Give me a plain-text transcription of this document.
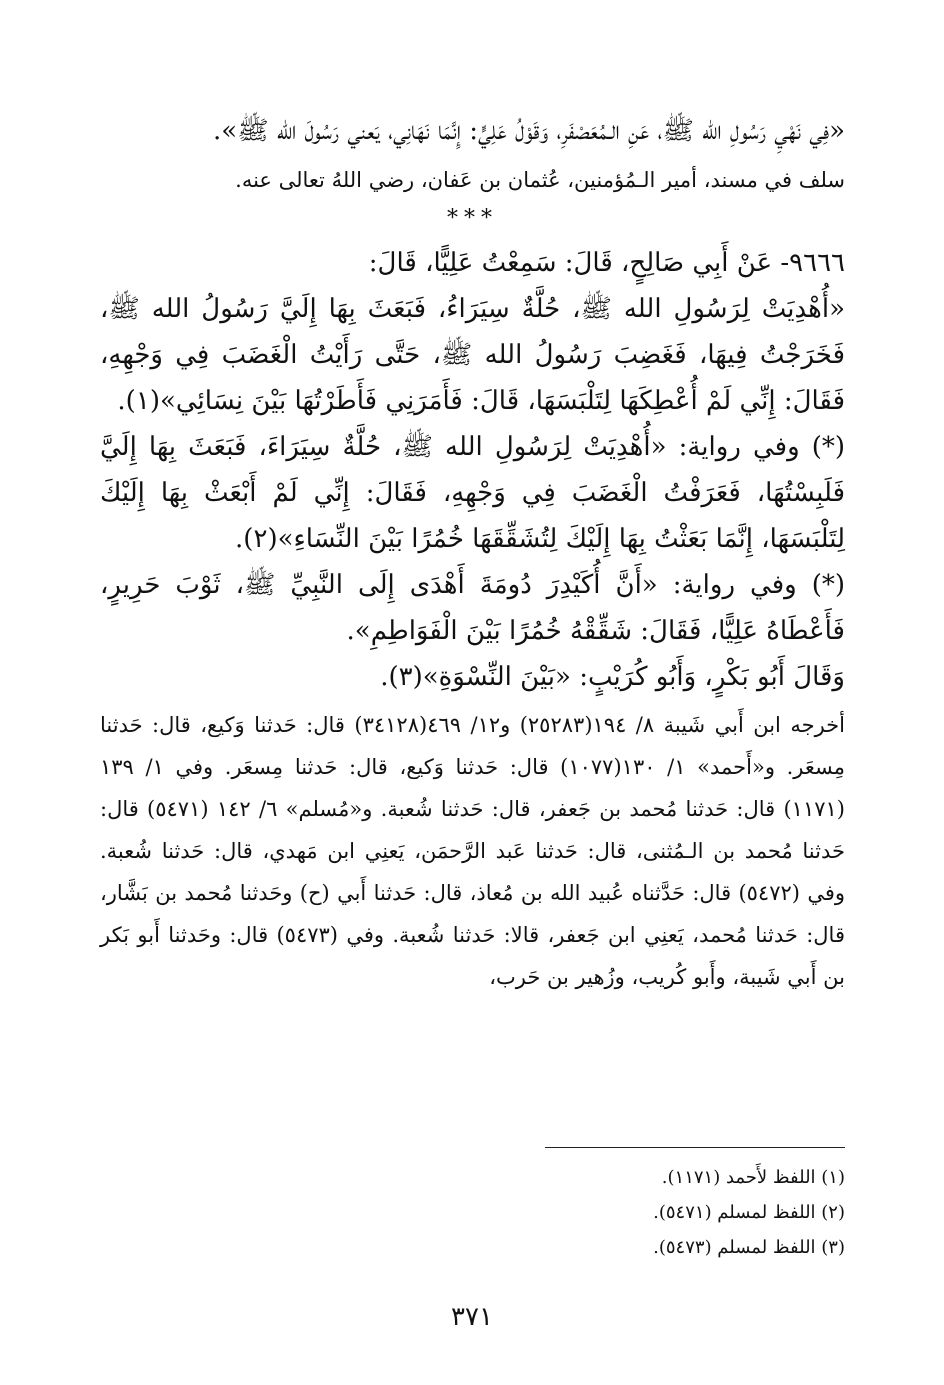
«فِي نَهْيِ رَسُولِ الله ﷺ، عَنِ الـمُعَصْفَرِ، وَقَوْلُ عَلِيٍّ: إِنَّمَا نَهَانِي، يَعني رَسُولَ الله ﷺ».

سلف في مسند، أمير الـمُؤمنين، عُثمان بن عَفان، رضي اللهُ تعالى عنه.

***

٩٦٦٦- عَنْ أَبِي صَالِحٍ، قَالَ: سَمِعْتُ عَلِيًّا، قَالَ:

«أُهْدِيَتْ لِرَسُولِ الله ﷺ، حُلَّةٌ سِيَرَاءُ، فَبَعَثَ بِهَا إِلَيَّ رَسُولُ الله ﷺ، فَخَرَجْتُ فِيهَا، فَغَضِبَ رَسُولُ الله ﷺ، حَتَّى رَأَيْتُ الْغَضَبَ فِي وَجْهِهِ، فَقَالَ: إِنِّي لَمْ أُعْطِكَهَا لِتَلْبَسَهَا، قَالَ: فَأَمَرَنِي فَأَطَرْتُهَا بَيْنَ نِسَائِي»(١).

(*) وفي رواية: «أُهْدِيَتْ لِرَسُولِ الله ﷺ، حُلَّةٌ سِيَرَاءَ، فَبَعَثَ بِهَا إِلَيَّ فَلَبِسْتُهَا، فَعَرَفْتُ الْغَضَبَ فِي وَجْهِهِ، فَقَالَ: إِنِّي لَمْ أَبْعَثْ بِهَا إِلَيْكَ لِتَلْبَسَهَا، إِنَّمَا بَعَثْتُ بِهَا إِلَيْكَ لِتُشَقِّقَهَا خُمُرًا بَيْنَ النِّسَاءِ»(٢).

(*) وفي رواية: «أَنَّ أُكَيْدِرَ دُومَةَ أَهْدَى إِلَى النَّبِيِّ ﷺ، ثَوْبَ حَرِيرٍ، فَأَعْطَاهُ عَلِيًّا، فَقَالَ: شَقِّقْهُ خُمُرًا بَيْنَ الْفَوَاطِمِ».

وَقَالَ أَبُو بَكْرٍ، وَأَبُو كُرَيْبٍ: «بَيْنَ النِّسْوَةِ»(٣).

أخرجه ابن أَبي شَيبة ٨/ ١٩٤(٢٥٢٨٣) و١٢/ ٤٦٩(٣٤١٢٨) قال: حَدثنا وَكيع، قال: حَدثنا مِسعَر. و«أَحمد» ١/ ١٣٠(١٠٧٧) قال: حَدثنا وَكيع، قال: حَدثنا مِسعَر. وفي ١/ ١٣٩ (١١٧١) قال: حَدثنا مُحمد بن جَعفر، قال: حَدثنا شُعبة. و«مُسلم» ٦/ ١٤٢ (٥٤٧١) قال: حَدثنا مُحمد بن الـمُثنى، قال: حَدثنا عَبد الرَّحمَن، يَعنِي ابن مَهدي، قال: حَدثنا شُعبة. وفي (٥٤٧٢) قال: حَدَّثناه عُبيد الله بن مُعاذ، قال: حَدثنا أَبي (ح) وحَدثنا مُحمد بن بَشَّار، قال: حَدثنا مُحمد، يَعنِي ابن جَعفر، قالا: حَدثنا شُعبة. وفي (٥٤٧٣) قال: وحَدثنا أَبو بَكر بن أَبي شَيبة، وأَبو كُريب، وزُهير بن حَرب،

(١) اللفظ لأَحمد (١١٧١).

(٢) اللفظ لمسلم (٥٤٧١).

(٣) اللفظ لمسلم (٥٤٧٣).

٣٧١
